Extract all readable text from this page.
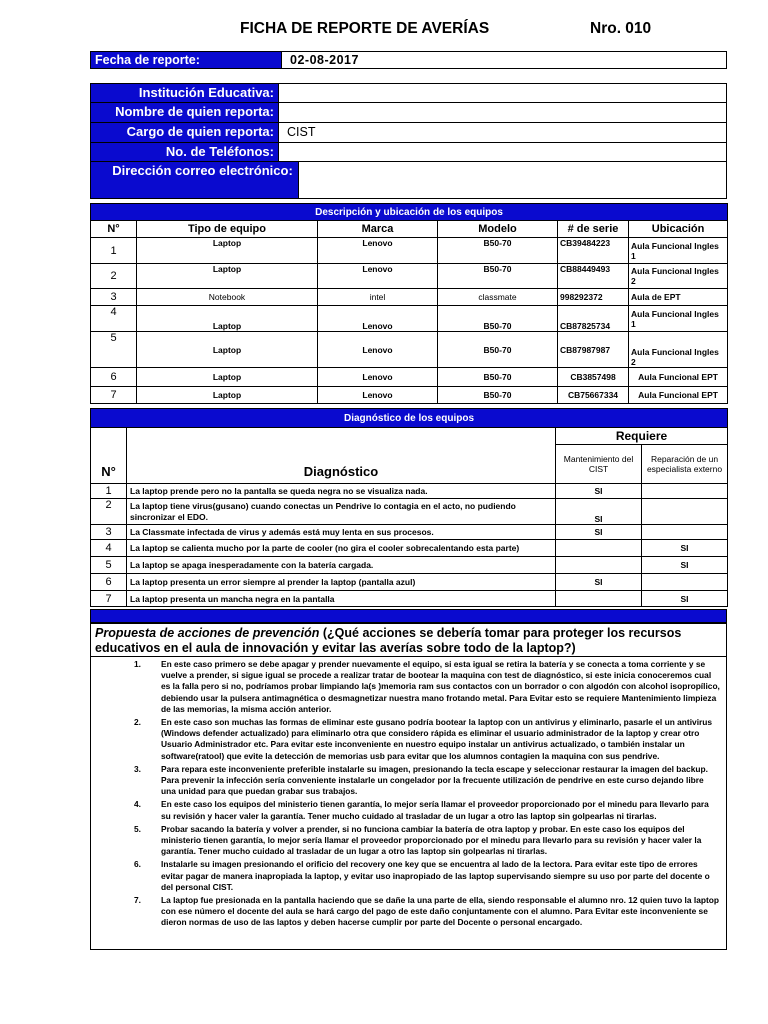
FICHA DE REPORTE DE AVERÍAS	Nro. 010
Fecha de reporte:	02-08-2017
Institución Educativa:
Nombre de quien reporta:
Cargo de quien reporta:	CIST
No. de Teléfonos:
Dirección correo electrónico:
Descripción y ubicación de los equipos					
N°	Tipo de equipo	Marca	Modelo	# de serie	Ubicación
1	Laptop	Lenovo	B50-70	CB39484223	Aula Funcional Ingles 1
2	Laptop	Lenovo	B50-70	CB88449493	Aula Funcional Ingles 2
3	Notebook	intel	classmate	998292372	Aula de EPT
4	Laptop	Lenovo	B50-70	CB87825734	Aula Funcional Ingles 1
5	Laptop	Lenovo	B50-70	CB87987987	Aula Funcional Ingles 2
6	Laptop	Lenovo	B50-70	CB3857498	Aula Funcional EPT
7	Laptop	Lenovo	B50-70	CB75667334	Aula Funcional EPT
Diagnóstico de los equipos			
N°	Diagnóstico	Requiere	
		Mantenimiento del CIST	Reparación de un especialista externo
1	La laptop prende pero no la pantalla se queda negra no se visualiza nada.	SI	
2	La laptop tiene virus(gusano) cuando conectas un Pendrive lo contagia en el acto, no pudiendo sincronizar el EDO.	SI	
3	La Classmate infectada de virus y además está muy lenta en sus procesos.	SI	
4	La laptop se calienta mucho por la parte de cooler (no gira el cooler sobrecalentando esta parte)		SI
5	La laptop se apaga inesperadamente con la batería cargada.		SI
6	La laptop presenta un error siempre al prender la laptop (pantalla azul)	SI	
7	La laptop presenta un mancha negra en la pantalla		SI
Propuesta de acciones de prevención (¿Qué acciones se debería tomar para proteger los recursos educativos en el aula de innovación y evitar las averías sobre todo de la laptop?)
1.	En este caso primero se debe apagar y prender nuevamente el equipo, si esta igual se retira la batería y se conecta a toma corriente y se vuelve a prender, si sigue igual se procede a realizar tratar de bootear la maquina con test de diagnóstico, si este inicia conoceremos cual es la falla pero si no, podríamos probar limpiando la(s )memoria ram sus contactos con un borrador o con algodón con alcohol isopropílico, debiendo usar la pulsera antimagnética o desmagnetizar nuestra mano frotando metal. Para Evitar esto se requiere Mantenimiento limpieza de las memorias, la misma acción anterior.
2.	En este caso son muchas las formas de eliminar este gusano podría bootear la laptop con un antivirus y eliminarlo, pasarle el un antivirus (Windows defender actualizado) para eliminarlo otra que considero rápida es eliminar el usuario administrador de la laptop y crear otro Usuario Administrador etc. Para evitar este inconveniente en nuestro equipo instalar un antivirus actualizado, o también instalar un software(ratool) que evite la detección de memorias usb para evitar que los alumnos contagien la maquina con sus pendrive.
3.	Para repara este inconveniente preferible instalarle su imagen, presionando la tecla escape y seleccionar restaurar la imagen del backup. Para prevenir la infección sería conveniente instalarle un congelador por la frecuente utilización de pendrive en este curso dejando libre una unidad para que puedan grabar sus trabajos.
4.	En este caso los equipos del ministerio tienen garantía, lo mejor sería llamar el proveedor proporcionado por el minedu para llevarlo para su revisión y hacer valer la garantía. Tener mucho cuidado al trasladar de un lugar a otro las laptop sin golpearlas ni tirarlas.
5.	Probar sacando la batería y volver a prender, si no funciona cambiar la batería de otra laptop y probar. En este caso los equipos del ministerio tienen garantía, lo mejor sería llamar el proveedor proporcionado por el minedu para llevarlo para su revisión y hacer valer la garantía. Tener mucho cuidado al trasladar de un lugar a otro las laptop sin golpearlas ni tirarlas.
6.	Instalarle su imagen presionando el orificio del recovery one key que se encuentra al lado de la lectora. Para evitar este tipo de errores evitar pagar de manera inapropiada la laptop, y evitar uso inapropiado de las laptop supervisando siempre su uso por parte del docente o del personal CIST.
7.	La laptop fue presionada en la pantalla haciendo que se dañe la una parte de ella, siendo responsable el alumno nro. 12 quien tuvo la laptop con ese número el docente del aula se hará cargo del pago de este daño conjuntamente con el alumno. Para Evitar este inconveniente se dieron normas de uso de las laptos y deben hacerse cumplir por parte del Docente o personal encargado.
